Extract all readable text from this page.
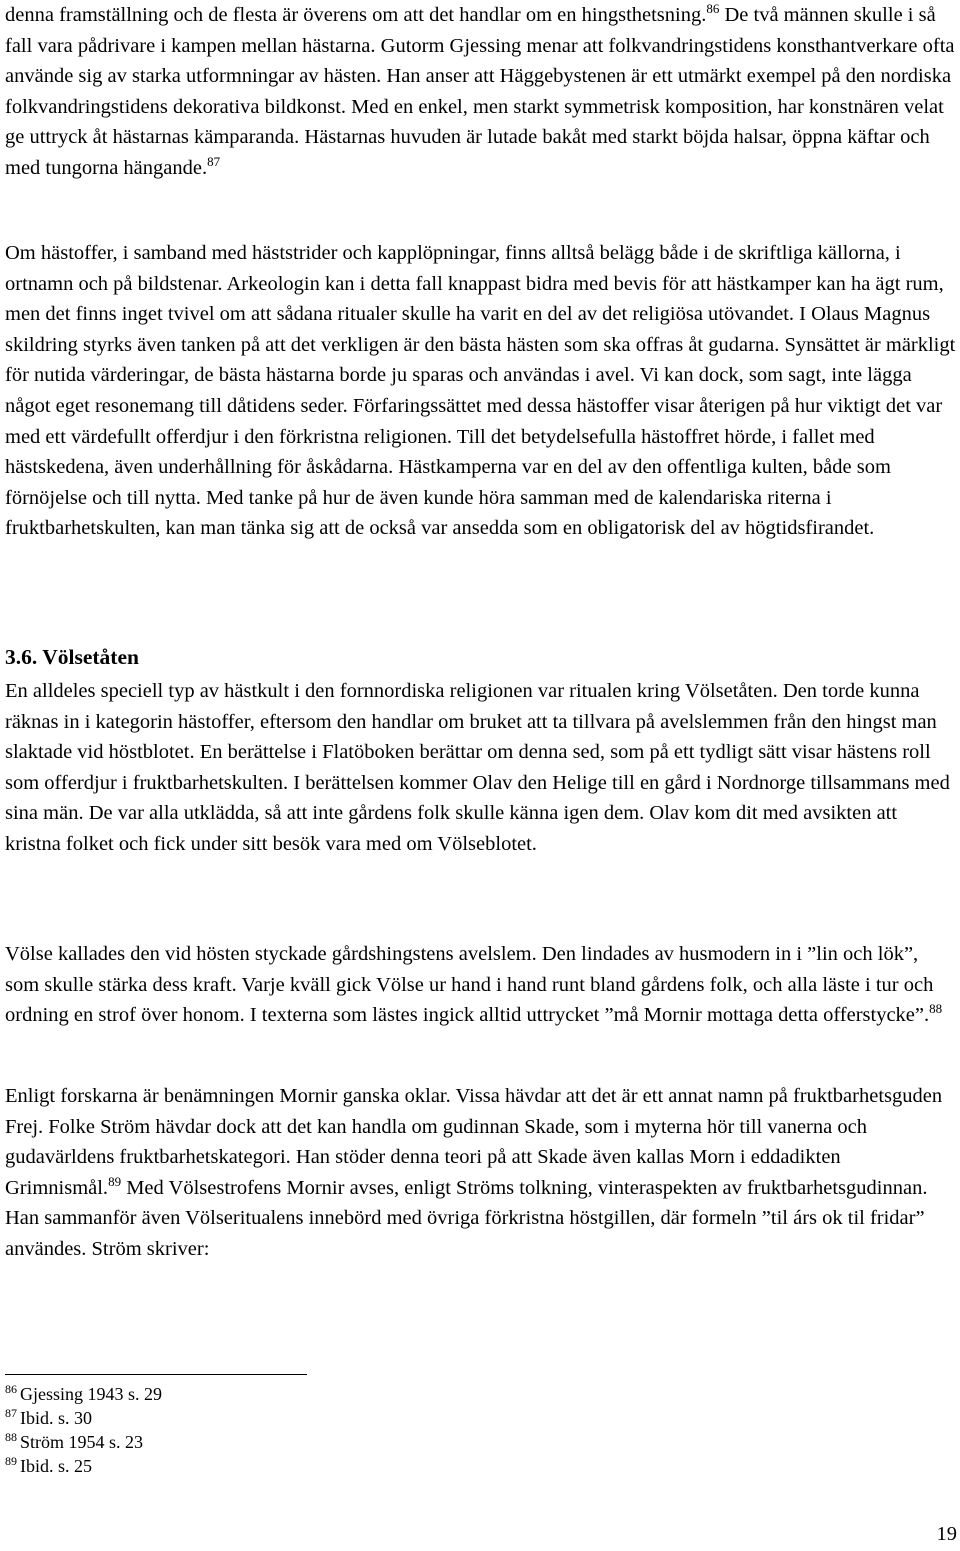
denna framställning och de flesta är överens om att det handlar om en hingsthetsning.$^{86}$ De två männen skulle i så fall vara pådrivare i kampen mellan hästarna. Gutorm Gjessing menar att folkvandringstidens konsthantverkare ofta använde sig av starka utformningar av hästen. Han anser att Häggebystenen är ett utmärkt exempel på den nordiska folkvandringstidens dekorativa bildkonst. Med en enkel, men starkt symmetrisk komposition, har konstnären velat ge uttryck åt hästarnas kämparanda. Hästarnas huvuden är lutade bakåt med starkt böjda halsar, öppna käftar och med tungorna hängande.$^{87}$

Om hästoffer, i samband med häststrider och kapplöpningar, finns alltså belägg både i de skriftliga källorna, i ortnamn och på bildstenar. Arkeologin kan i detta fall knappast bidra med bevis för att hästkamper kan ha ägt rum, men det finns inget tvivel om att sådana ritualer skulle ha varit en del av det religiösa utövandet. I Olaus Magnus skildring styrks även tanken på att det verkligen är den bästa hästen som ska offras åt gudarna. Synsättet är märkligt för nutida värderingar, de bästa hästarna borde ju sparas och användas i avel. Vi kan dock, som sagt, inte lägga något eget resonemang till dåtidens seder. Förfaringssättet med dessa hästoffer visar återigen på hur viktigt det var med ett värdefullt offerdjur i den förkristna religionen. Till det betydelsefulla hästoffret hörde, i fallet med hästskedena, även underhållning för åskådarna. Hästkamperna var en del av den offentliga kulten, både som förnöjelse och till nytta. Med tanke på hur de även kunde höra samman med de kalendariska riterna i fruktbarhetskulten, kan man tänka sig att de också var ansedda som en obligatorisk del av högtidsfirandet.

3.6. Völsetåten

En alldeles speciell typ av hästkult i den fornnordiska religionen var ritualen kring Völsetåten. Den torde kunna räknas in i kategorin hästoffer, eftersom den handlar om bruket att ta tillvara på avelslemmen från den hingst man slaktade vid höstblotet. En berättelse i Flatöboken berättar om denna sed, som på ett tydligt sätt visar hästens roll som offerdjur i fruktbarhetskulten. I berättelsen kommer Olav den Helige till en gård i Nordnorge tillsammans med sina män. De var alla utklädda, så att inte gårdens folk skulle känna igen dem. Olav kom dit med avsikten att kristna folket och fick under sitt besök vara med om Völseblotet.

Völse kallades den vid hösten styckade gårdshingstens avelslem. Den lindades av husmodern in i ”lin och lök”, som skulle stärka dess kraft. Varje kväll gick Völse ur hand i hand runt bland gårdens folk, och alla läste i tur och ordning en strof över honom. I texterna som lästes ingick alltid uttrycket ”må Mornir mottaga detta offerstycke”.$^{88}$

Enligt forskarna är benämningen Mornir ganska oklar. Vissa hävdar att det är ett annat namn på fruktbarhetsguden Frej. Folke Ström hävdar dock att det kan handla om gudinnan Skade, som i myterna hör till vanerna och gudavärldens fruktbarhetskategori. Han stöder denna teori på att Skade även kallas Morn i eddadikten Grimnismål.$^{89}$ Med Völsestrofens Mornir avses, enligt Ströms tolkning, vinteraspekten av fruktbarhetsgudinnan. Han sammanför även Völseritualens innebörd med övriga förkristna höstgillen, där formeln ”til árs ok til fridar” användes. Ström skriver:

$^{86}$ Gjessing 1943 s. 29
$^{87}$ Ibid. s. 30
$^{88}$ Ström 1954 s. 23
$^{89}$ Ibid. s. 25
19
